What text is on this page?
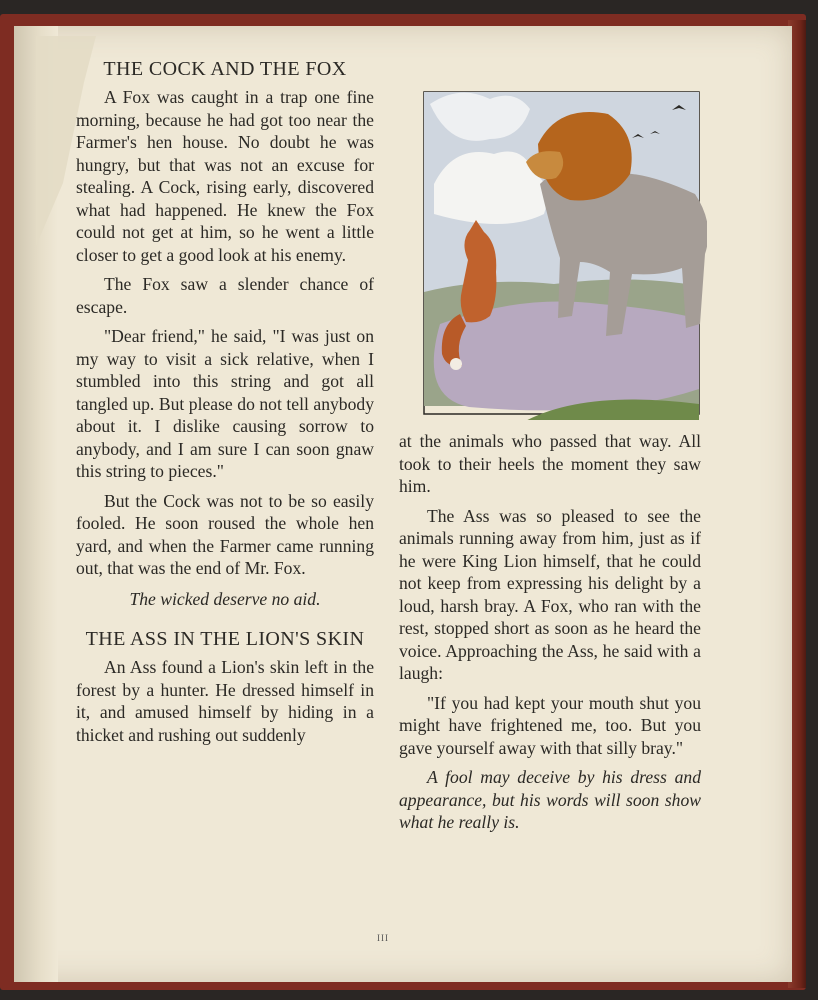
THE COCK AND THE FOX

A Fox was caught in a trap one fine morning, because he had got too near the Farmer's hen house. No doubt he was hungry, but that was not an excuse for stealing. A Cock, rising early, discovered what had happened. He knew the Fox could not get at him, so he went a little closer to get a good look at his enemy.

The Fox saw a slender chance of escape.

"Dear friend," he said, "I was just on my way to visit a sick relative, when I stumbled into this string and got all tangled up. But please do not tell anybody about it. I dislike causing sorrow to anybody, and I am sure I can soon gnaw this string to pieces."

But the Cock was not to be so easily fooled. He soon roused the whole hen yard, and when the Farmer came running out, that was the end of Mr. Fox.

The wicked deserve no aid.

THE ASS IN THE LION'S SKIN

An Ass found a Lion's skin left in the forest by a hunter. He dressed himself in it, and amused himself by hiding in a thicket and rushing out suddenly

at the animals who passed that way. All took to their heels the moment they saw him.

The Ass was so pleased to see the animals running away from him, just as if he were King Lion himself, that he could not keep from expressing his delight by a loud, harsh bray. A Fox, who ran with the rest, stopped short as soon as he heard the voice. Approaching the Ass, he said with a laugh:

"If you had kept your mouth shut you might have frightened me, too. But you gave yourself away with that silly bray."

A fool may deceive by his dress and appearance, but his words will soon show what he really is.

III
